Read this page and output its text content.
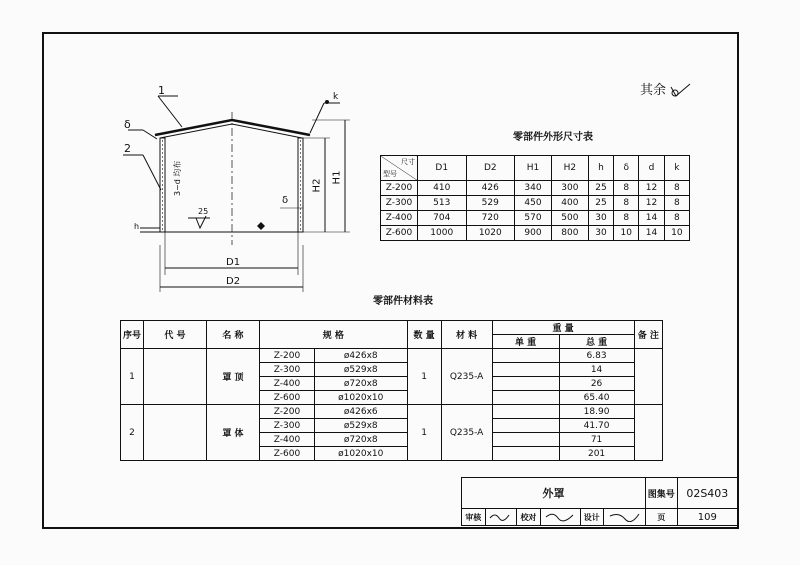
其余
1
2
δ
k
H2
H1
δ
25
h
D1
D2
3~d 均布
零部件外形尺寸表
尺寸
型号	D1	D2	H1	H2	h	δ	d	k
Z-200	410	426	340	300	25	8	12	8
Z-300	513	529	450	400	25	8	12	8
Z-400	704	720	570	500	30	8	14	8
Z-600	1000	1020	900	800	30	10	14	10
零部件材料表
序号	代 号	名 称	规 格		数 量	材 料	重 量		备 注
							单 重	总 重	
1		罩 顶	Z-200	ø426x8	1	Q235-A		6.83	
			Z-300	ø529x8				14	
			Z-400	ø720x8				26	
			Z-600	ø1020x10				65.40	
2		罩 体	Z-200	ø426x6	1	Q235-A		18.90	
			Z-300	ø529x8				41.70	
			Z-400	ø720x8				71	
			Z-600	ø1020x10				201	
外罩						图集号	02S403
审核		校对		设计		页	109
